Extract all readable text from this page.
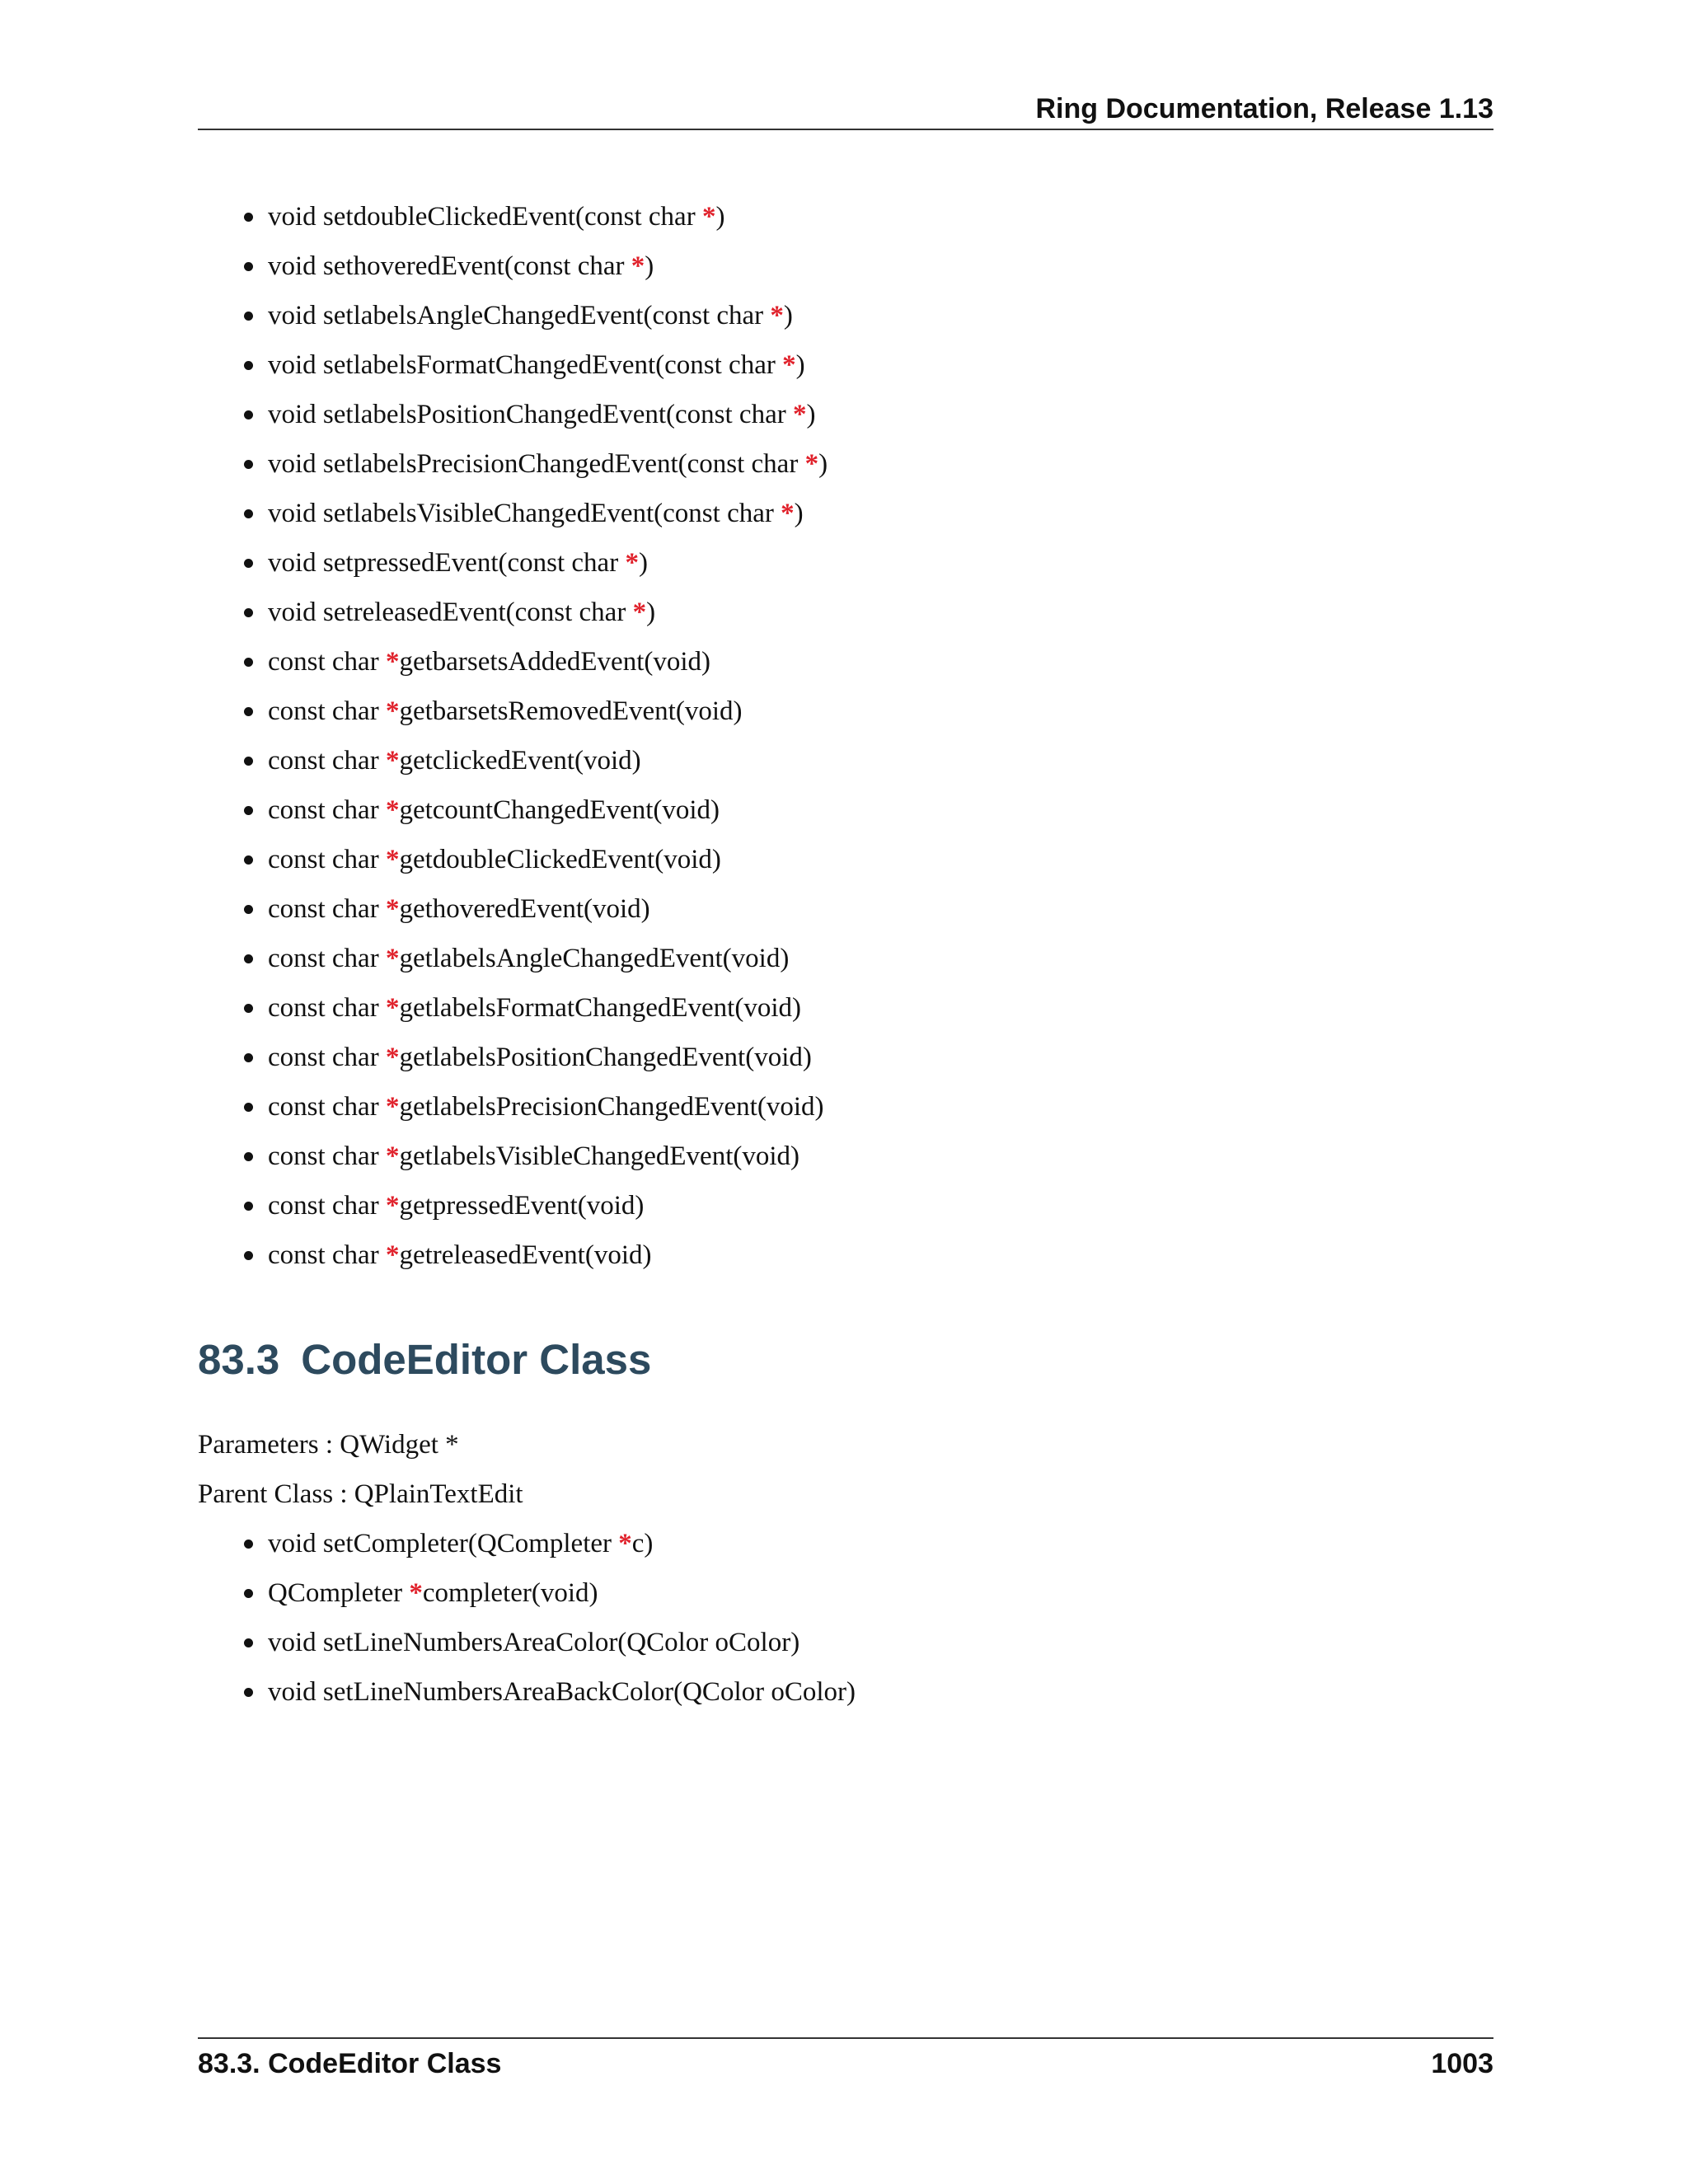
Ring Documentation, Release 1.13
void setdoubleClickedEvent(const char *)
void sethoveredEvent(const char *)
void setlabelsAngleChangedEvent(const char *)
void setlabelsFormatChangedEvent(const char *)
void setlabelsPositionChangedEvent(const char *)
void setlabelsPrecisionChangedEvent(const char *)
void setlabelsVisibleChangedEvent(const char *)
void setpressedEvent(const char *)
void setreleasedEvent(const char *)
const char *getbarsetsAddedEvent(void)
const char *getbarsetsRemovedEvent(void)
const char *getclickedEvent(void)
const char *getcountChangedEvent(void)
const char *getdoubleClickedEvent(void)
const char *gethoveredEvent(void)
const char *getlabelsAngleChangedEvent(void)
const char *getlabelsFormatChangedEvent(void)
const char *getlabelsPositionChangedEvent(void)
const char *getlabelsPrecisionChangedEvent(void)
const char *getlabelsVisibleChangedEvent(void)
const char *getpressedEvent(void)
const char *getreleasedEvent(void)
83.3 CodeEditor Class

Parameters : QWidget *

Parent Class : QPlainTextEdit

void setCompleter(QCompleter *c)
QCompleter *completer(void)
void setLineNumbersAreaColor(QColor oColor)
void setLineNumbersAreaBackColor(QColor oColor)
83.3. CodeEditor Class	1003
